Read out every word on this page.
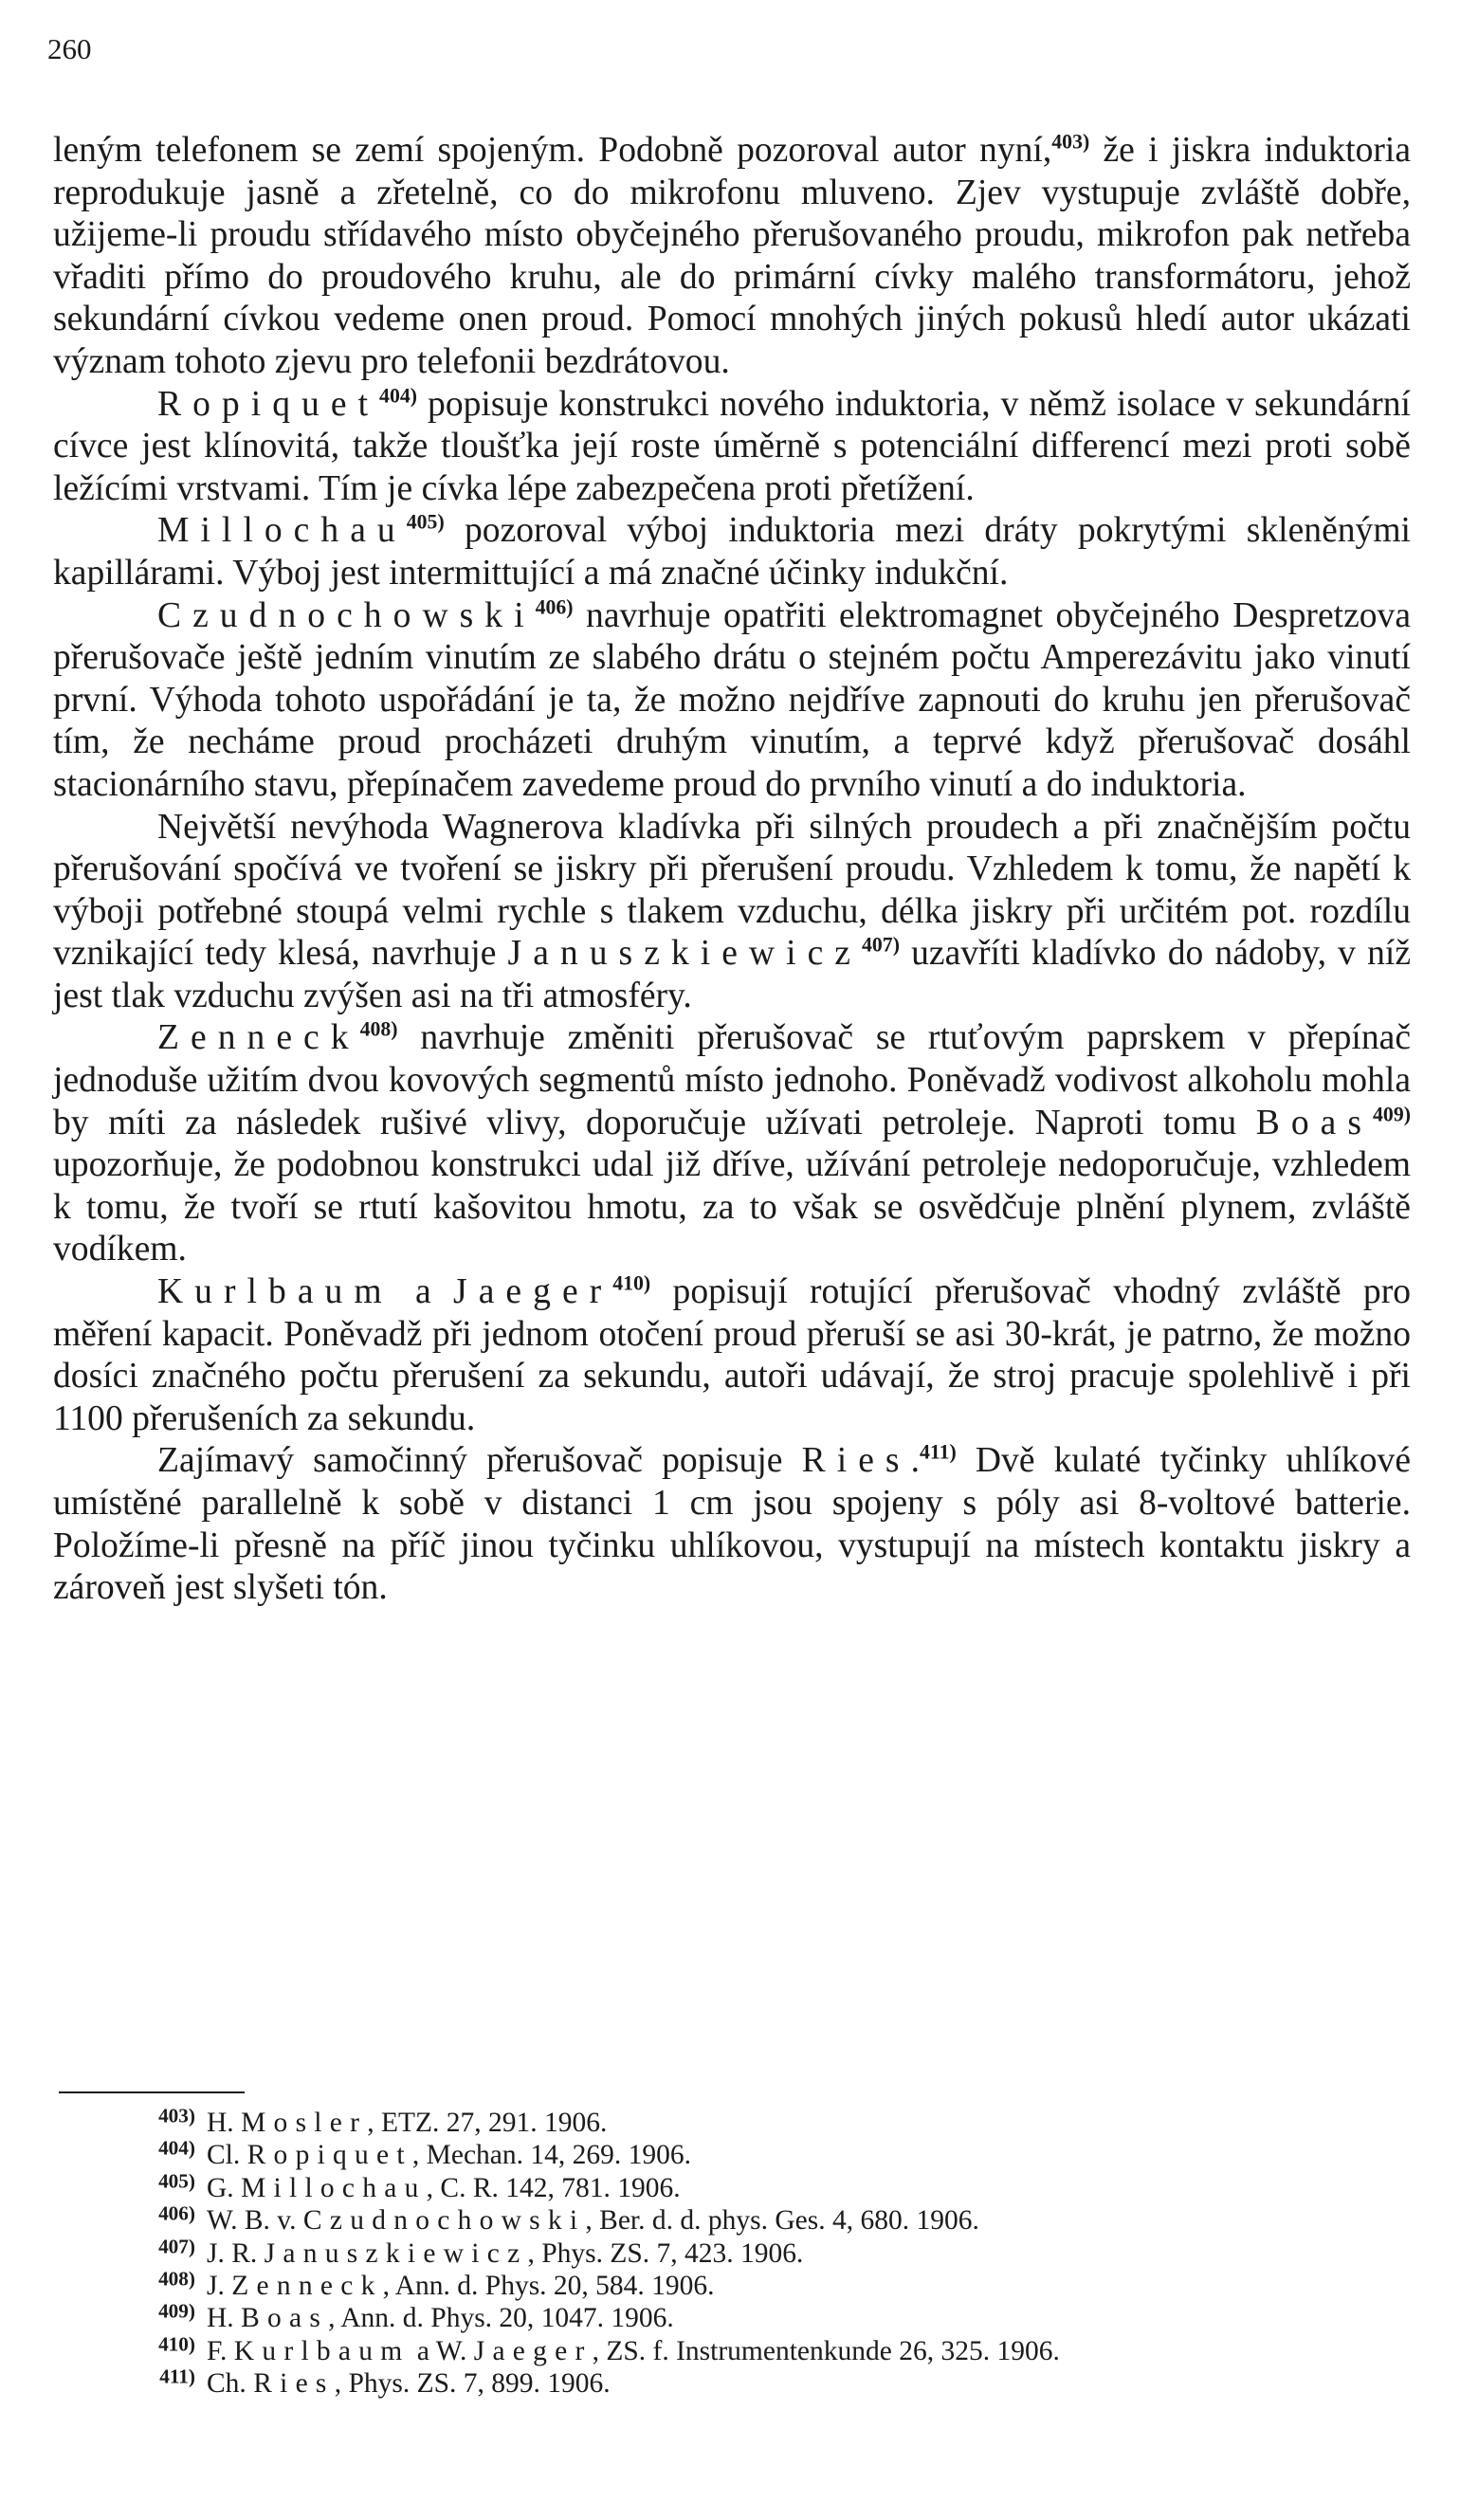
260

leným telefonem se zemí spojeným. Podobně pozoroval autor nyní,$^{403)}$ že i jiskra induktoria reprodukuje jasně a zřetelně, co do mikrofonu mluveno. Zjev vystupuje zvláště dobře, užijeme-li proudu střídavého místo obyčejného přerušovaného proudu, mikrofon pak netřeba vřaditi přímo do proudového kruhu, ale do primární cívky malého transformátoru, jehož sekundární cívkou vedeme onen proud. Pomocí mnohých jiných pokusů hledí autor ukázati význam tohoto zjevu pro telefonii bezdrátovou.

Ropiquet$^{404)}$ popisuje konstrukci nového induktoria, v němž isolace v sekundární cívce jest klínovitá, takže tloušťka její roste úměrně s potenciální differencí mezi proti sobě ležícími vrstvami. Tím je cívka lépe zabezpečena proti přetížení.

Millochau$^{405)}$ pozoroval výboj induktoria mezi dráty pokrytými skleněnými kapillárami. Výboj jest intermittující a má značné účinky indukční.

Czudnochowski$^{406)}$ navrhuje opatřiti elektromagnet obyčejného Despretzova přerušovače ještě jedním vinutím ze slabého drátu o stejném počtu Amperezávitu jako vinutí první. Výhoda tohoto uspořádání je ta, že možno nejdříve zapnouti do kruhu jen přerušovač tím, že necháme proud procházeti druhým vinutím, a teprvé když přerušovač dosáhl stacionárního stavu, přepínačem zavedeme proud do prvního vinutí a do induktoria.

Největší nevýhoda Wagnerova kladívka při silných proudech a při značnějším počtu přerušování spočívá ve tvoření se jiskry při přerušení proudu. Vzhledem k tomu, že napětí k výboji potřebné stoupá velmi rychle s tlakem vzduchu, délka jiskry při určitém pot. rozdílu vznikající tedy klesá, navrhuje Januszkiewicz$^{407)}$ uzavříti kladívko do nádoby, v níž jest tlak vzduchu zvýšen asi na tři atmosféry.

Zenneck$^{408)}$ navrhuje změniti přerušovač se rtuťovým paprskem v přepínač jednoduše užitím dvou kovových segmentů místo jednoho. Poněvadž vodivost alkoholu mohla by míti za následek rušivé vlivy, doporučuje užívati petroleje. Naproti tomu Boas$^{409)}$ upozorňuje, že podobnou konstrukci udal již dříve, užívání petroleje nedoporučuje, vzhledem k tomu, že tvoří se rtutí kašovitou hmotu, za to však se osvědčuje plnění plynem, zvláště vodíkem.

Kurlbaum a Jaeger$^{410)}$ popisují rotující přerušovač vhodný zvláště pro měření kapacit. Poněvadž při jednom otočení proud přeruší se asi 30-krát, je patrno, že možno dosíci značného počtu přerušení za sekundu, autoři udávají, že stroj pracuje spolehlivě i při 1100 přerušeních za sekundu.

Zajímavý samočinný přerušovač popisuje Ries.$^{411)}$ Dvě kulaté tyčinky uhlíkové umístěné parallelně k sobě v distanci 1 cm jsou spojeny s póly asi 8-voltové batterie. Položíme-li přesně na příč jinou tyčinku uhlíkovou, vystupují na místech kontaktu jiskry a zároveň jest slyšeti tón.

$^{403)}$ H. Mosler, ETZ. 27, 291. 1906.
$^{404)}$ Cl. Ropiquet, Mechan. 14, 269. 1906.
$^{405)}$ G. Millochau, C. R. 142, 781. 1906.
$^{406)}$ W. B. v. Czudnochowski, Ber. d. d. phys. Ges. 4, 680. 1906.
$^{407)}$ J. R. Januszkiewicz, Phys. ZS. 7, 423. 1906.
$^{408)}$ J. Zenneck, Ann. d. Phys. 20, 584. 1906.
$^{409)}$ H. Boas, Ann. d. Phys. 20, 1047. 1906.
$^{410)}$ F. Kurlbaum a W. Jaeger, ZS. f. Instrumentenkunde 26, 325. 1906.
$^{411)}$ Ch. Ries, Phys. ZS. 7, 899. 1906.
